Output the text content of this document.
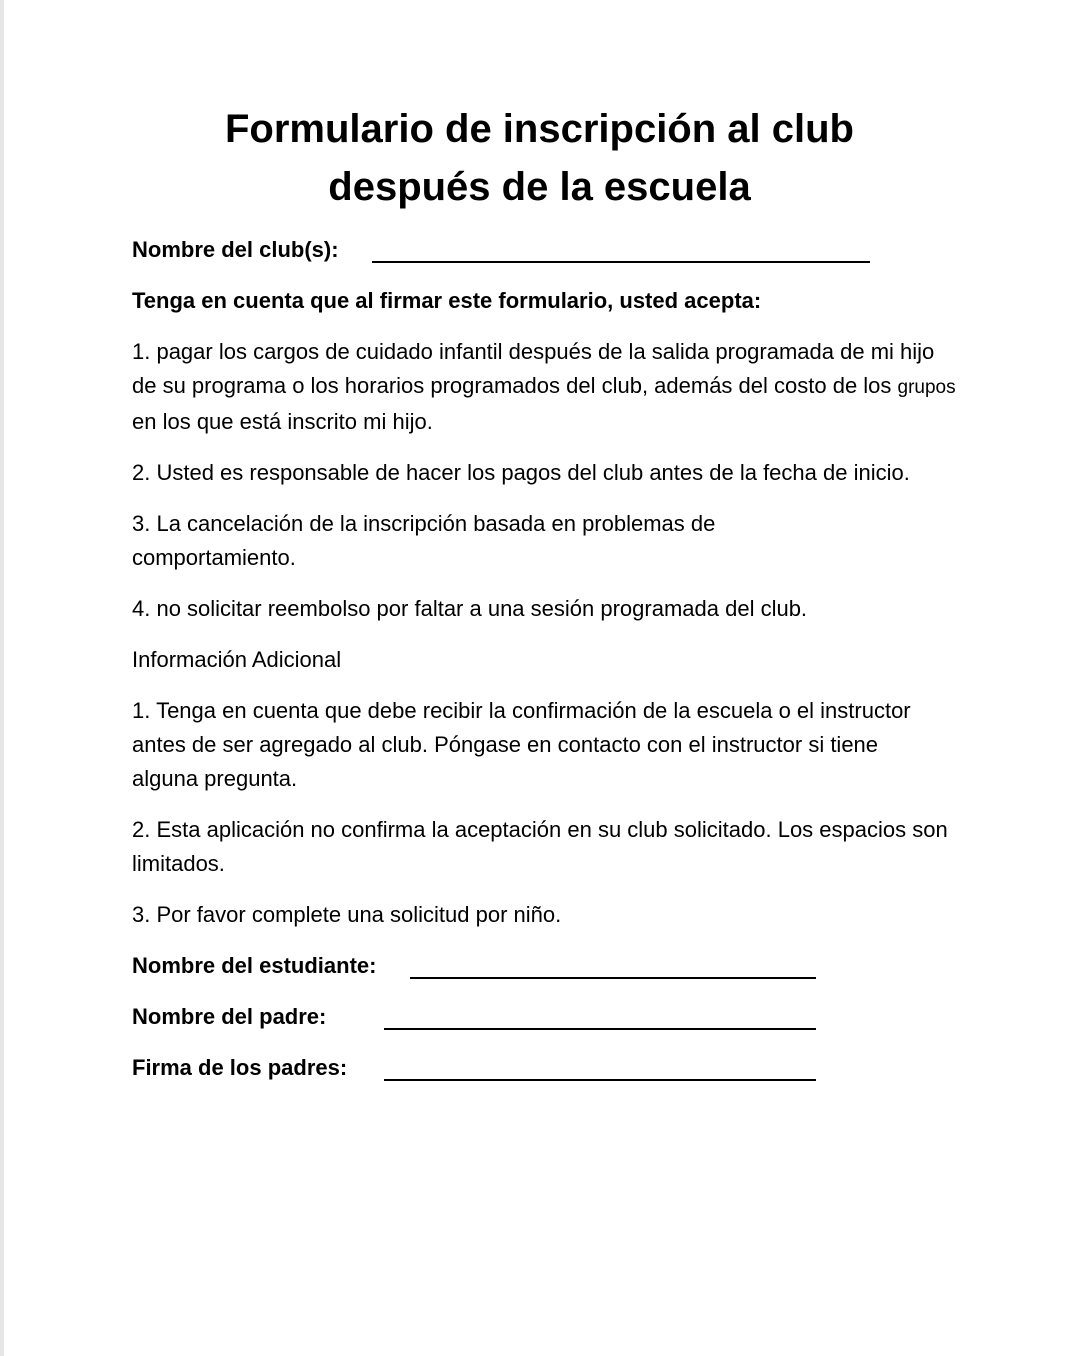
Formulario de inscripción al club
después de la escuela
Nombre del club(s):
Tenga en cuenta que al firmar este formulario, usted acepta:
1. pagar los cargos de cuidado infantil después de la salida programada de mi hijo de su programa o los horarios programados del club, además del costo de los grupos en los que está inscrito mi hijo.
2. Usted es responsable de hacer los pagos del club antes de la fecha de inicio.
3. La cancelación de la inscripción basada en problemas de comportamiento.
4. no solicitar reembolso por faltar a una sesión programada del club.
Información Adicional
1. Tenga en cuenta que debe recibir la confirmación de la escuela o el instructor antes de ser agregado al club. Póngase en contacto con el instructor si tiene alguna pregunta.
2. Esta aplicación no confirma la aceptación en su club solicitado. Los espacios son limitados.
3. Por favor complete una solicitud por niño.
Nombre del estudiante:
Nombre del padre:
Firma de los padres:
